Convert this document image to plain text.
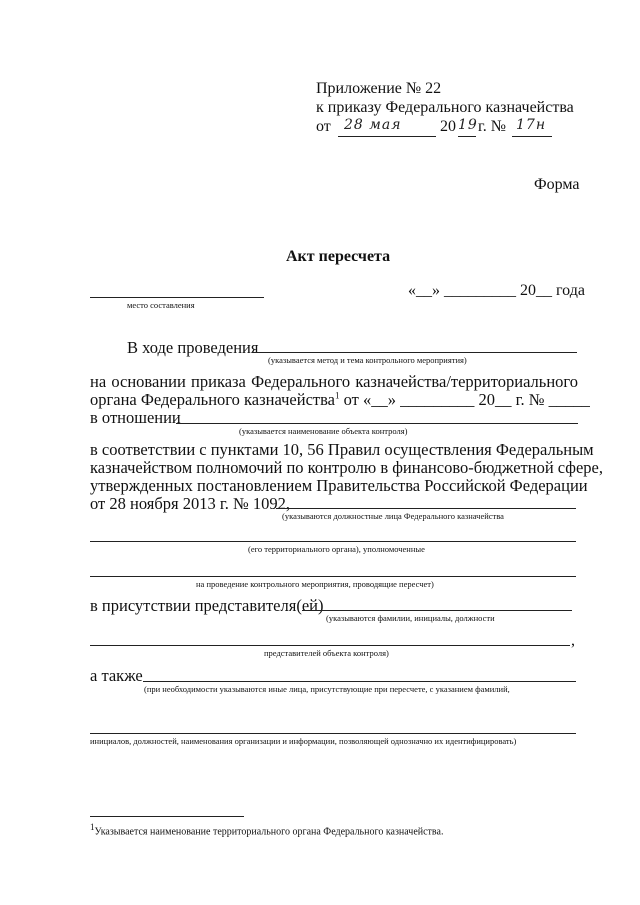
Приложение № 22
к приказу Федерального казначейства
от 28 мая 20 19 г. № 17н
Форма
Акт пересчета
место составления
«__» _________ 20__ года
В ходе проведения
(указывается метод и тема контрольного мероприятия)
на основании приказа Федерального казначейства/территориального
органа Федерального казначейства$^1$ от «__» _________ 20__ г. № _____
в отношении
(указывается наименование объекта контроля)
в соответствии с пунктами 10, 56 Правил осуществления Федеральным
казначейством полномочий по контролю в финансово-бюджетной сфере,
утвержденных постановлением Правительства Российской Федерации
от 28 ноября 2013 г. № 1092,
(указываются должностные лица Федерального казначейства
(его территориального органа), уполномоченные
на проведение контрольного мероприятия, проводящие пересчет)
в присутствии представителя(ей)
(указываются фамилии, инициалы, должности
,
представителей объекта контроля)
а также
(при необходимости указываются иные лица, присутствующие при пересчете, с указанием фамилий,
инициалов, должностей, наименования организации и информации, позволяющей однозначно их идентифицировать)
$^1$Указывается наименование территориального органа Федерального казначейства.
